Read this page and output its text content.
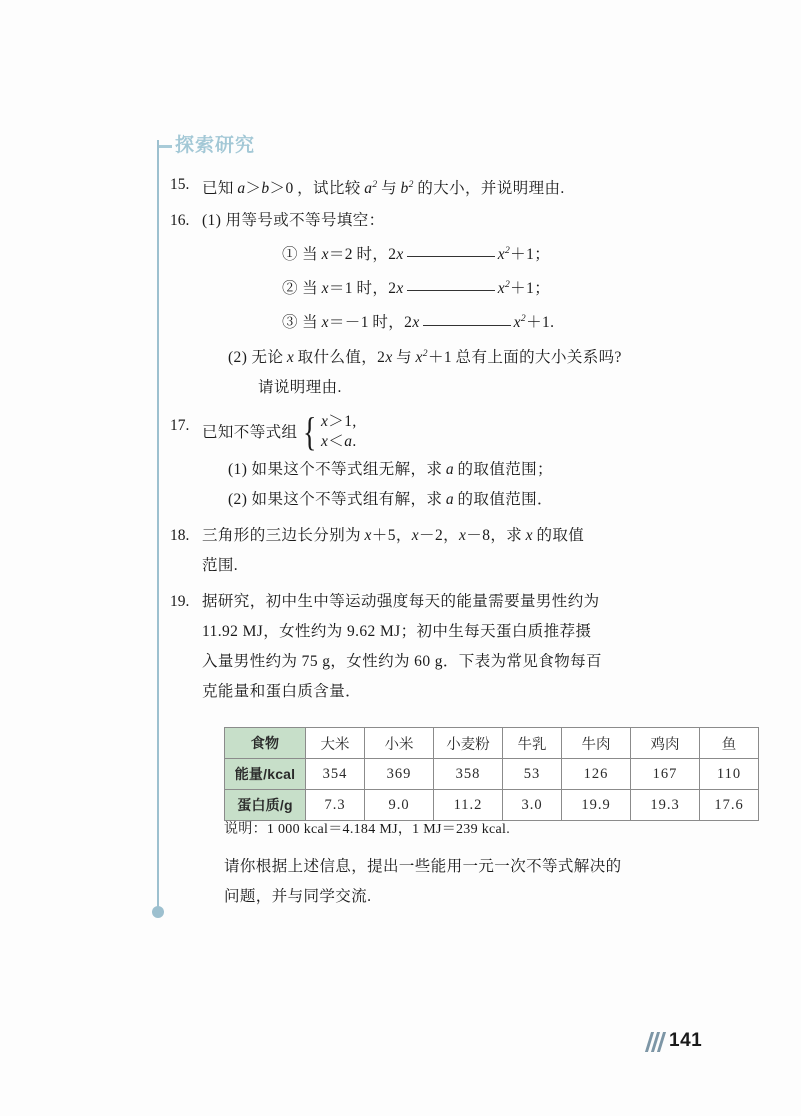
探索研究
15. 已知 a＞b＞0 ，试比较 $a^2$ 与 $b^2$ 的大小，并说明理由.
16. (1) 用等号或不等号填空：
① 当 x＝2 时，2x	$x^2+1$；
② 当 x＝1 时，2x	$x^2+1$；
③ 当 x＝－1 时，2x	$x^2+1$.
(2) 无论 x 取什么值，2x 与 $x^2+1$ 总有上面的大小关系吗?
请说明理由.
17. 已知不等式组 { x＞1,
x＜a.
(1) 如果这个不等式组无解，求 a 的取值范围；
(2) 如果这个不等式组有解，求 a 的取值范围．
18. 三角形的三边长分别为 x＋5，x－2，x－8，求 x 的取值
范围.
19. 据研究，初中生中等运动强度每天的能量需要量男性约为
11.92 MJ，女性约为 9.62 MJ；初中生每天蛋白质推荐摄
入量男性约为 75 g，女性约为 60 g．下表为常见食物每百
克能量和蛋白质含量．
食物	大米	小米	小麦粉	牛乳	牛肉	鸡肉	鱼
能量/kcal	354	369	358	53	126	167	110
蛋白质/g	7.3	9.0	11.2	3.0	19.9	19.3	17.6
说明：1 000 kcal＝4.184 MJ，1 MJ＝239 kcal.
请你根据上述信息，提出一些能用一元一次不等式解决的
问题，并与同学交流.
141
